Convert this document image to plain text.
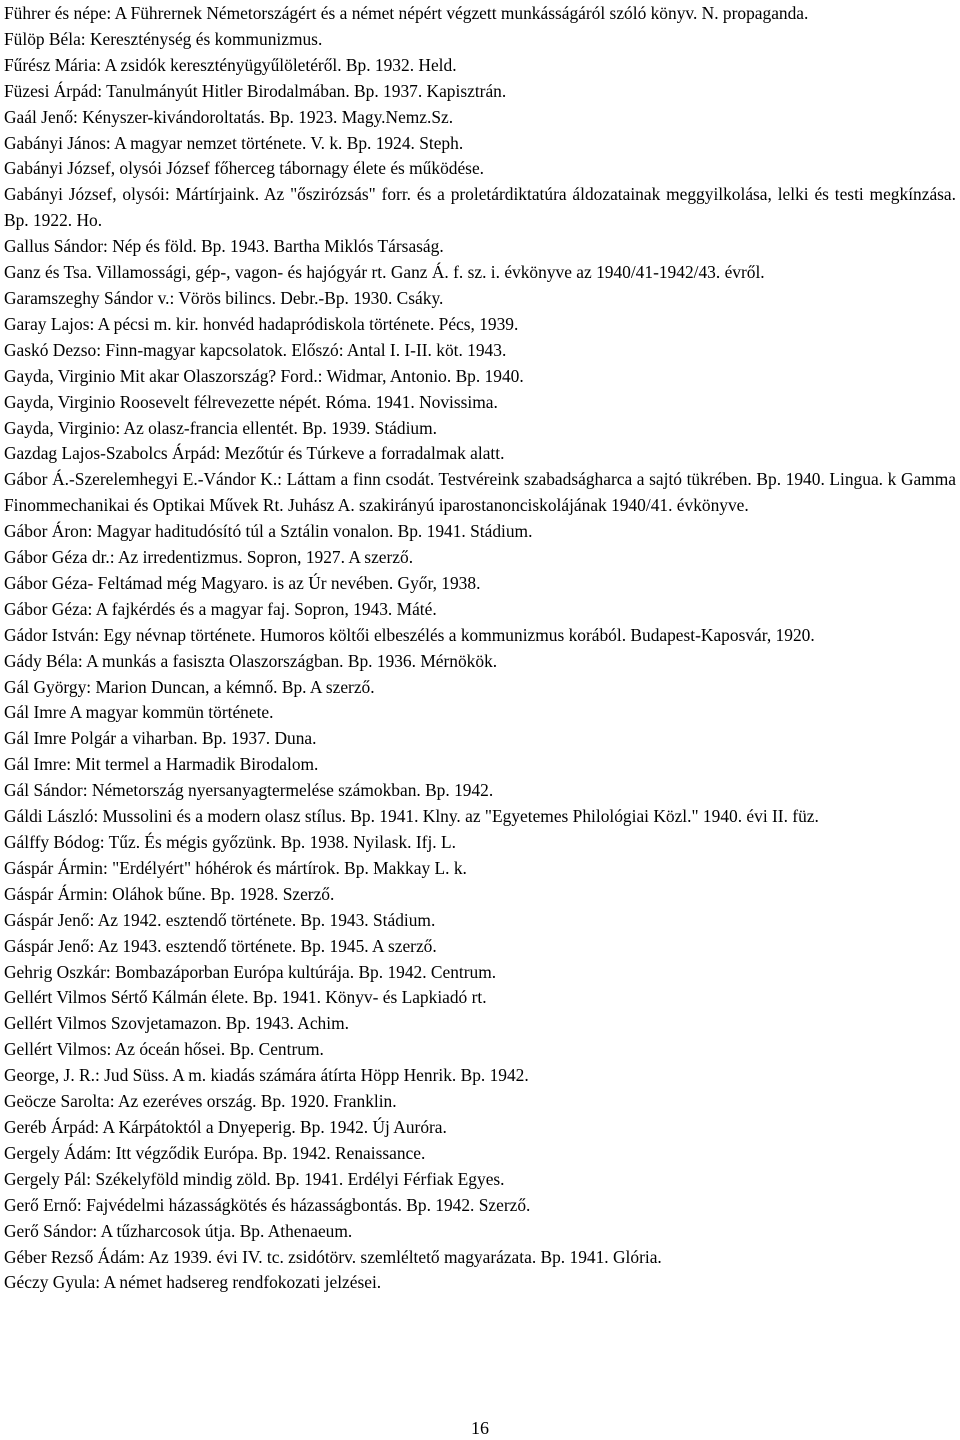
Führer és népe: A Führernek Németországért és a német népért végzett munkásságáról szóló könyv. N. propaganda.

Fülöp Béla: Kereszténység és kommunizmus.

Fűrész Mária: A zsidók keresztényügyűlöletéről. Bp. 1932. Held.

Füzesi Árpád: Tanulmányút Hitler Birodalmában. Bp. 1937. Kapisztrán.

Gaál Jenő: Kényszer-kivándoroltatás. Bp. 1923. Magy.Nemz.Sz.

Gabányi János: A magyar nemzet története. V. k. Bp. 1924. Steph.

Gabányi József, olysói József főherceg tábornagy élete és működése.

Gabányi József, olysói: Mártírjaink. Az "őszirózsás" forr. és a proletárdiktatúra áldozatainak meggyilkolása, lelki és testi megkínzása. Bp. 1922. Ho.

Gallus Sándor: Nép és föld. Bp. 1943. Bartha Miklós Társaság.

Ganz és Tsa. Villamossági, gép-, vagon- és hajógyár rt. Ganz Á. f. sz. i. évkönyve az 1940/41-1942/43. évről.

Garamszeghy Sándor v.: Vörös bilincs. Debr.-Bp. 1930. Csáky.

Garay Lajos: A pécsi m. kir. honvéd hadapródiskola története. Pécs, 1939.

Gaskó Dezso: Finn-magyar kapcsolatok. Előszó: Antal I. I-II. köt. 1943.

Gayda, Virginio Mit akar Olaszország? Ford.: Widmar, Antonio. Bp. 1940.

Gayda, Virginio Roosevelt félrevezette népét. Róma. 1941. Novissima.

Gayda, Virginio: Az olasz-francia ellentét. Bp. 1939. Stádium.

Gazdag Lajos-Szabolcs Árpád: Mezőtúr és Túrkeve a forradalmak alatt.

Gábor Á.-Szerelemhegyi E.-Vándor K.: Láttam a finn csodát. Testvéreink szabadságharca a sajtó tükrében. Bp. 1940. Lingua. k Gamma Finommechanikai és Optikai Művek Rt. Juhász A. szakirányú iparostanonciskolájának 1940/41. évkönyve.

Gábor Áron: Magyar haditudósító túl a Sztálin vonalon. Bp. 1941. Stádium.

Gábor Géza dr.: Az irredentizmus. Sopron, 1927. A szerző.

Gábor Géza- Feltámad még Magyaro. is az Úr nevében. Győr, 1938.

Gábor Géza: A fajkérdés és a magyar faj. Sopron, 1943. Máté.

Gádor István: Egy névnap története. Humoros költői elbeszélés a kommunizmus korából. Budapest-Kaposvár, 1920.

Gády Béla: A munkás a fasiszta Olaszországban. Bp. 1936. Mérnökök.

Gál György: Marion Duncan, a kémnő. Bp. A szerző.

Gál Imre A magyar kommün története.

Gál Imre Polgár a viharban. Bp. 1937. Duna.

Gál Imre: Mit termel a Harmadik Birodalom.

Gál Sándor: Németország nyersanyagtermelése számokban. Bp. 1942.

Gáldi László: Mussolini és a modern olasz stílus. Bp. 1941. Klny. az "Egyetemes Philológiai Közl." 1940. évi II. füz.

Gálffy Bódog: Tűz. És mégis győzünk. Bp. 1938. Nyilask. Ifj. L.

Gáspár Ármin: "Erdélyért" hóhérok és mártírok. Bp. Makkay L. k.

Gáspár Ármin: Oláhok bűne. Bp. 1928. Szerző.

Gáspár Jenő: Az 1942. esztendő története. Bp. 1943. Stádium.

Gáspár Jenő: Az 1943. esztendő története. Bp. 1945. A szerző.

Gehrig Oszkár: Bombazáporban Európa kultúrája. Bp. 1942. Centrum.

Gellért Vilmos Sértő Kálmán élete. Bp. 1941. Könyv- és Lapkiadó rt.

Gellért Vilmos Szovjetamazon. Bp. 1943. Achim.

Gellért Vilmos: Az óceán hősei. Bp. Centrum.

George, J. R.: Jud Süss. A m. kiadás számára átírta Höpp Henrik. Bp. 1942.

Geöcze Sarolta: Az ezeréves ország. Bp. 1920. Franklin.

Geréb Árpád: A Kárpátoktól a Dnyeperig. Bp. 1942. Új Auróra.

Gergely Ádám: Itt végződik Európa. Bp. 1942. Renaissance.

Gergely Pál: Székelyföld mindig zöld. Bp. 1941. Erdélyi Férfiak Egyes.

Gerő Ernő: Fajvédelmi házasságkötés és házasságbontás. Bp. 1942. Szerző.

Gerő Sándor: A tűzharcosok útja. Bp. Athenaeum.

Géber Rezső Ádám: Az 1939. évi IV. tc. zsidótörv. szemléltető magyarázata. Bp. 1941. Glória.

Géczy Gyula: A német hadsereg rendfokozati jelzései.

16
